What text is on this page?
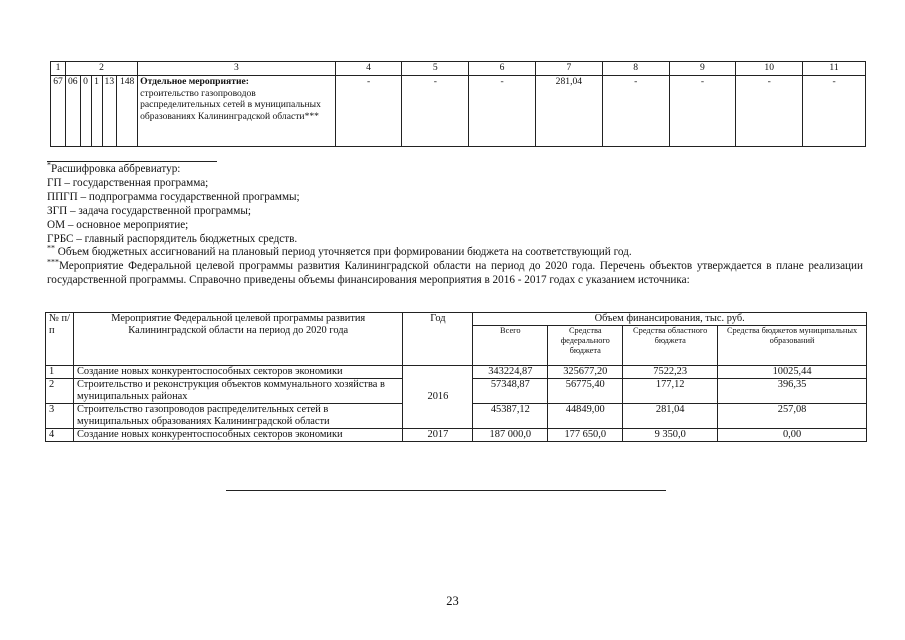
1	2					3	4	5	6	7	8	9	10	11
67	06	0	1	13	148	Отдельное мероприятие:
строительство газопроводов распределительных сетей в муниципальных образованиях Калининградской области***	-	-	-	281,04	-	-	-	-

*Расшифровка аббревиатур:

ГП – государственная программа;

ППГП – подпрограмма государственной программы;

ЗГП – задача государственной программы;

ОМ – основное мероприятие;

ГРБС – главный распорядитель бюджетных средств.

** Объем бюджетных ассигнований на плановый период уточняется при формировании бюджета на соответствующий год.

***Мероприятие Федеральной целевой программы развития Калининградской области на период до 2020 года. Перечень объектов утверждается в плане реализации государственной программы. Справочно приведены объемы финансирования мероприятия в 2016 - 2017 годах с указанием источника:

№ п/п	Мероприятие Федеральной целевой программы развития Калининградской области на период до 2020 года	Год	Объем финансирования, тыс. руб.			
			Всего	Средства федерального бюджета	Средства областного бюджета	Средства бюджетов муниципальных образований
1	Создание новых конкурентоспособных секторов экономики	2016	343224,87	325677,20	7522,23	10025,44
2	Строительство и реконструкция объектов коммунального хозяйства в муниципальных районах		57348,87	56775,40	177,12	396,35
3	Строительство газопроводов распределительных сетей в муниципальных образованиях Калининградской области		45387,12	44849,00	281,04	257,08
4	Создание новых конкурентоспособных секторов экономики	2017	187 000,0	177 650,0	9 350,0	0,00
23
